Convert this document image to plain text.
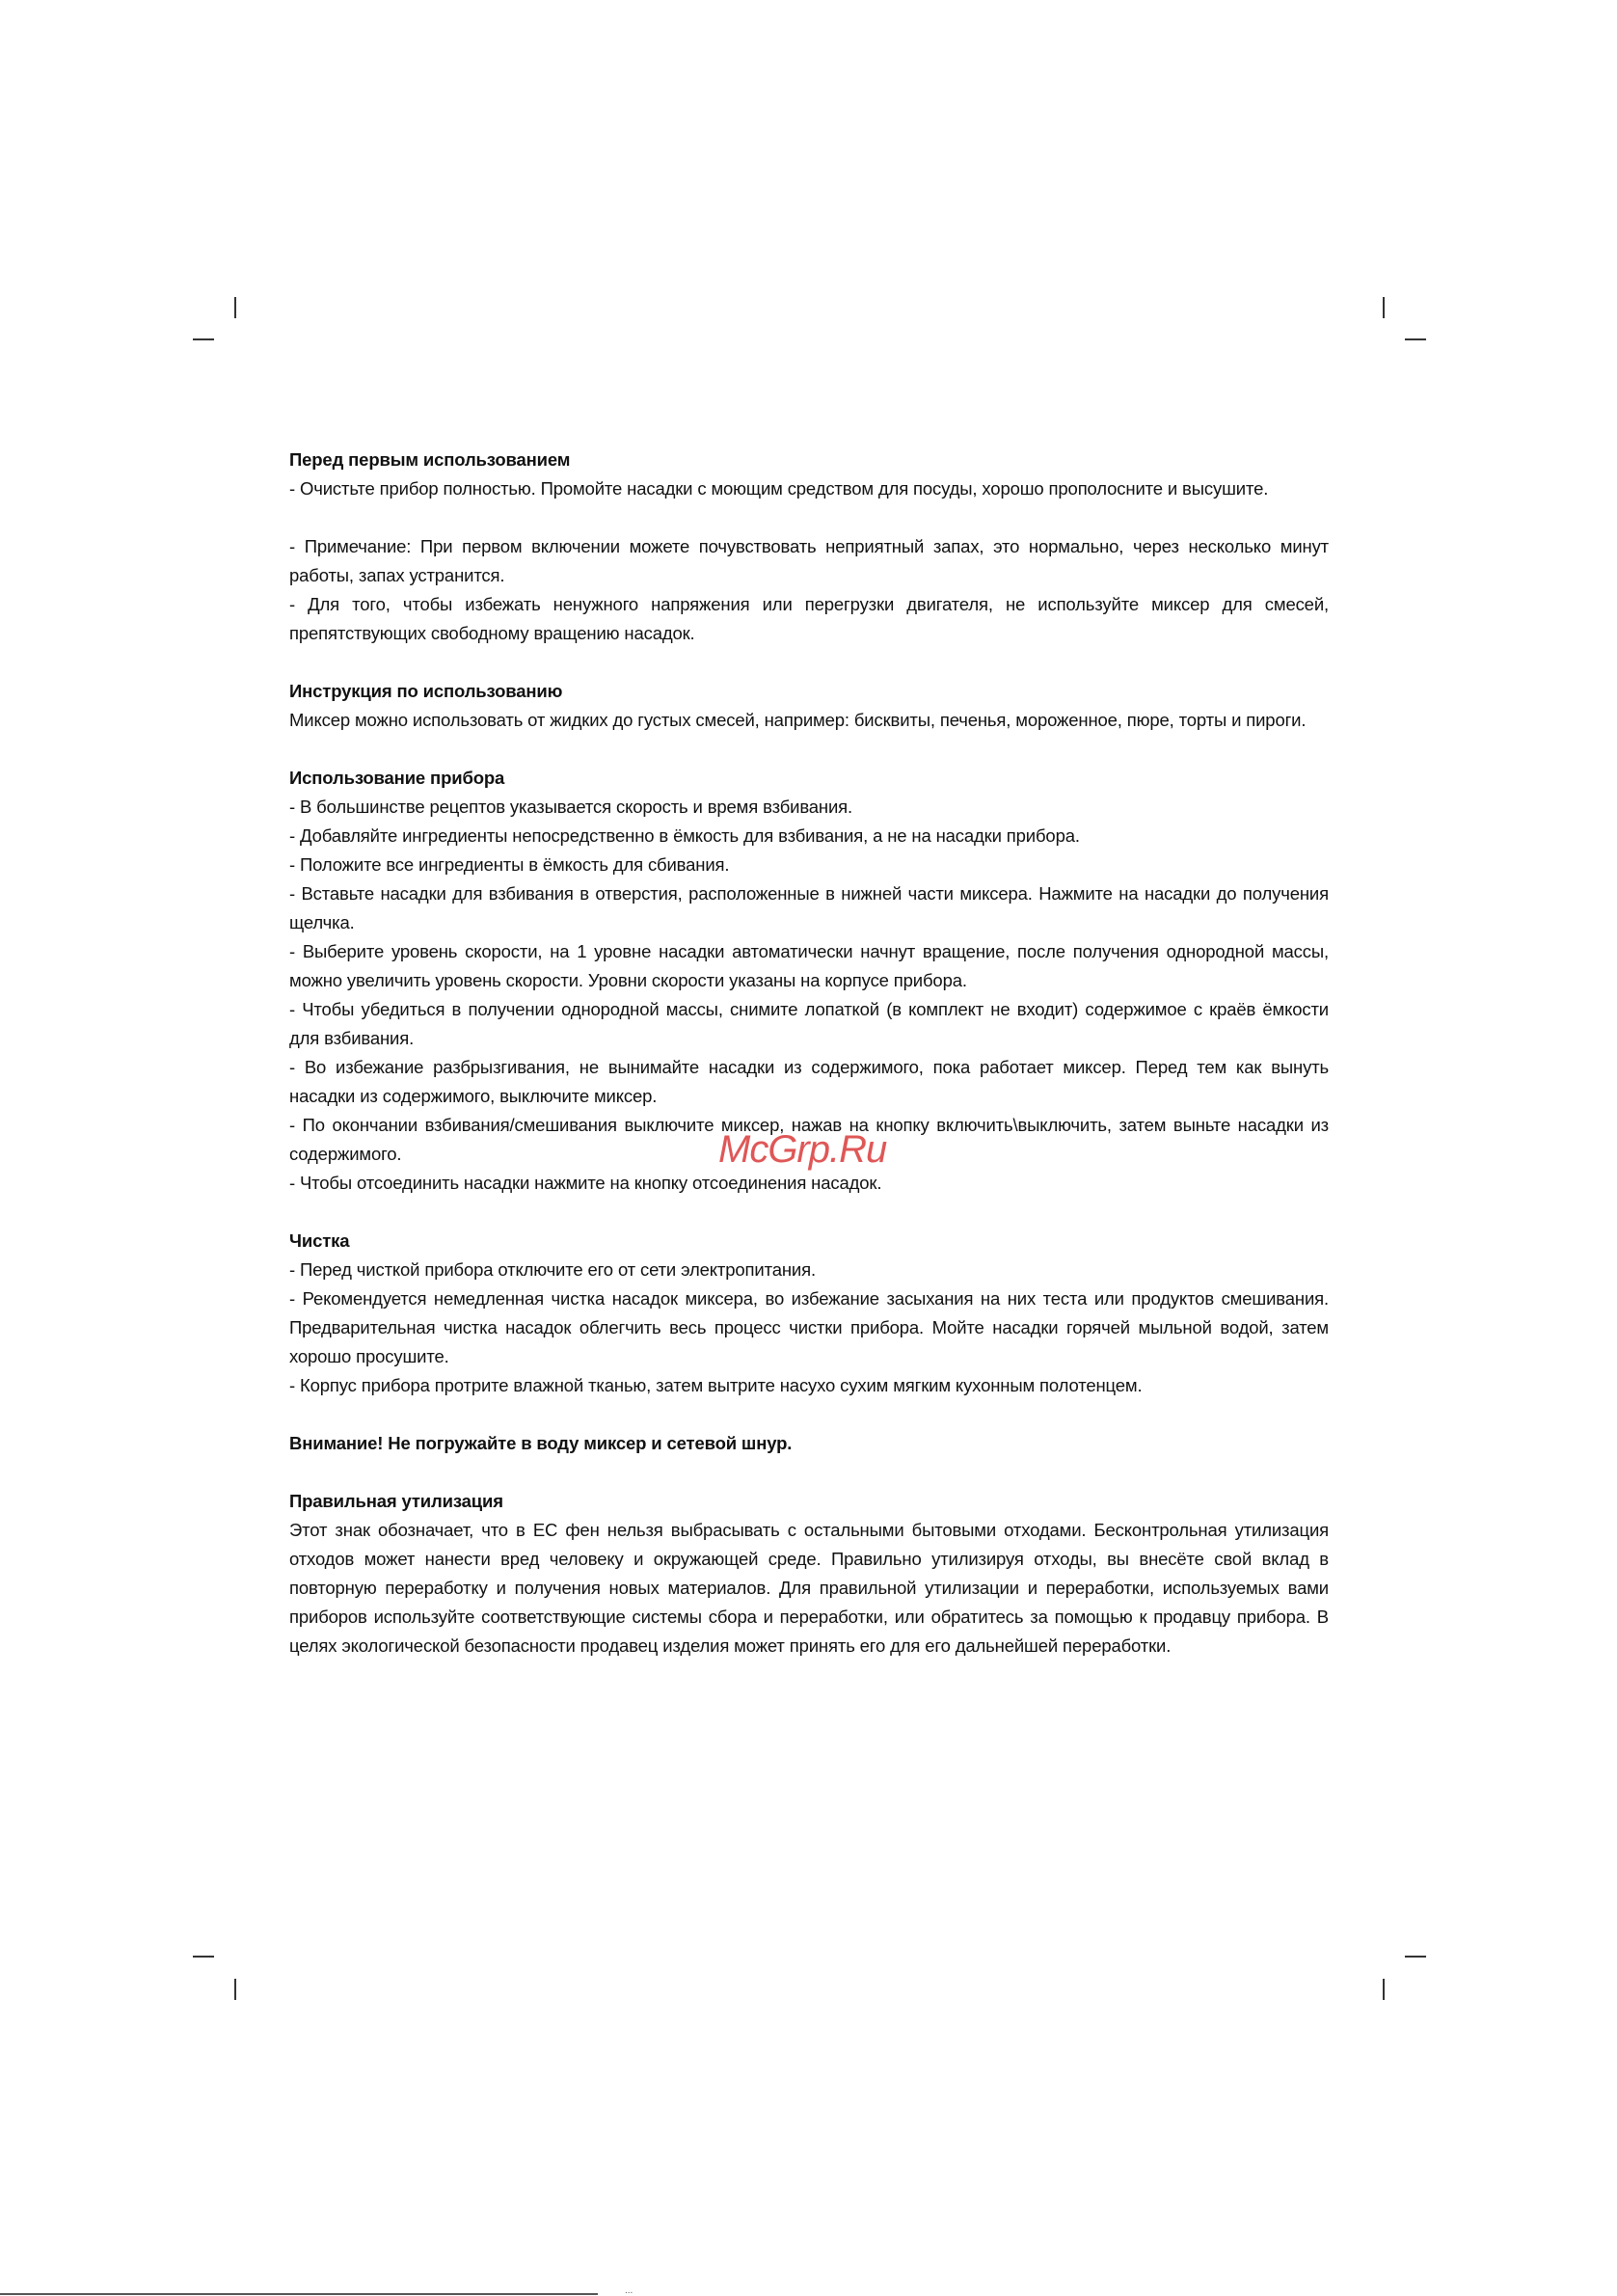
Перед первым использованием

- Очистьте прибор полностью. Промойте насадки с моющим средством для посуды, хорошо прополосните и высушите.

- Примечание: При первом включении можете почувствовать неприятный запах, это нормально, через несколько минут работы, запах устранится.

- Для того, чтобы избежать ненужного напряжения или перегрузки двигателя, не используйте миксер для смесей, препятствующих свободному вращению насадок.

Инструкция по использованию

Миксер можно использовать от жидких до густых смесей, например: бисквиты, печенья, мороженное, пюре, торты и пироги.

Использование прибора

- В большинстве рецептов указывается скорость и время взбивания.

- Добавляйте ингредиенты непосредственно в ёмкость для взбивания, а не на насадки прибора.

- Положите все ингредиенты в ёмкость для сбивания.

- Вставьте насадки для взбивания в отверстия, расположенные в нижней части миксера. Нажмите на насадки до получения щелчка.

- Выберите уровень скорости, на 1 уровне насадки автоматически начнут вращение, после получения однородной массы, можно увеличить уровень скорости. Уровни скорости указаны на корпусе прибора.

- Чтобы убедиться в получении однородной массы, снимите лопаткой (в комплект не входит) содержимое с краёв ёмкости для взбивания.

- Во избежание разбрызгивания, не вынимайте насадки из содержимого, пока работает миксер. Перед тем как вынуть насадки из содержимого, выключите миксер.

- По окончании взбивания/смешивания выключите миксер, нажав на кнопку включить\выключить, затем выньте насадки из содержимого.

- Чтобы отсоединить насадки нажмите на кнопку отсоединения насадок.

Чистка

- Перед чисткой прибора отключите его от сети электропитания.

- Рекомендуется немедленная чистка насадок миксера, во избежание засыхания на них теста или продуктов смешивания. Предварительная чистка насадок облегчить весь процесс чистки прибора. Мойте насадки горячей мыльной водой, затем хорошо просушите.

- Корпус прибора протрите влажной тканью, затем вытрите насухо сухим мягким кухонным полотенцем.

Внимание! Не погружайте в воду миксер и сетевой шнур.

Правильная утилизация

Этот знак обозначает, что в ЕС фен нельзя выбрасывать с остальными бытовыми отходами. Бесконтрольная утилизация отходов может нанести вред человеку и окружающей среде. Правильно утилизируя отходы, вы внесёте свой вклад в повторную переработку и получения новых материалов. Для правильной утилизации и переработки, используемых вами приборов используйте соответствующие системы сбора и переработки, или обратитесь за помощью к продавцу прибора. В целях экологической безопасности продавец изделия может принять его для его дальнейшей переработки.

McGrp.Ru
...
